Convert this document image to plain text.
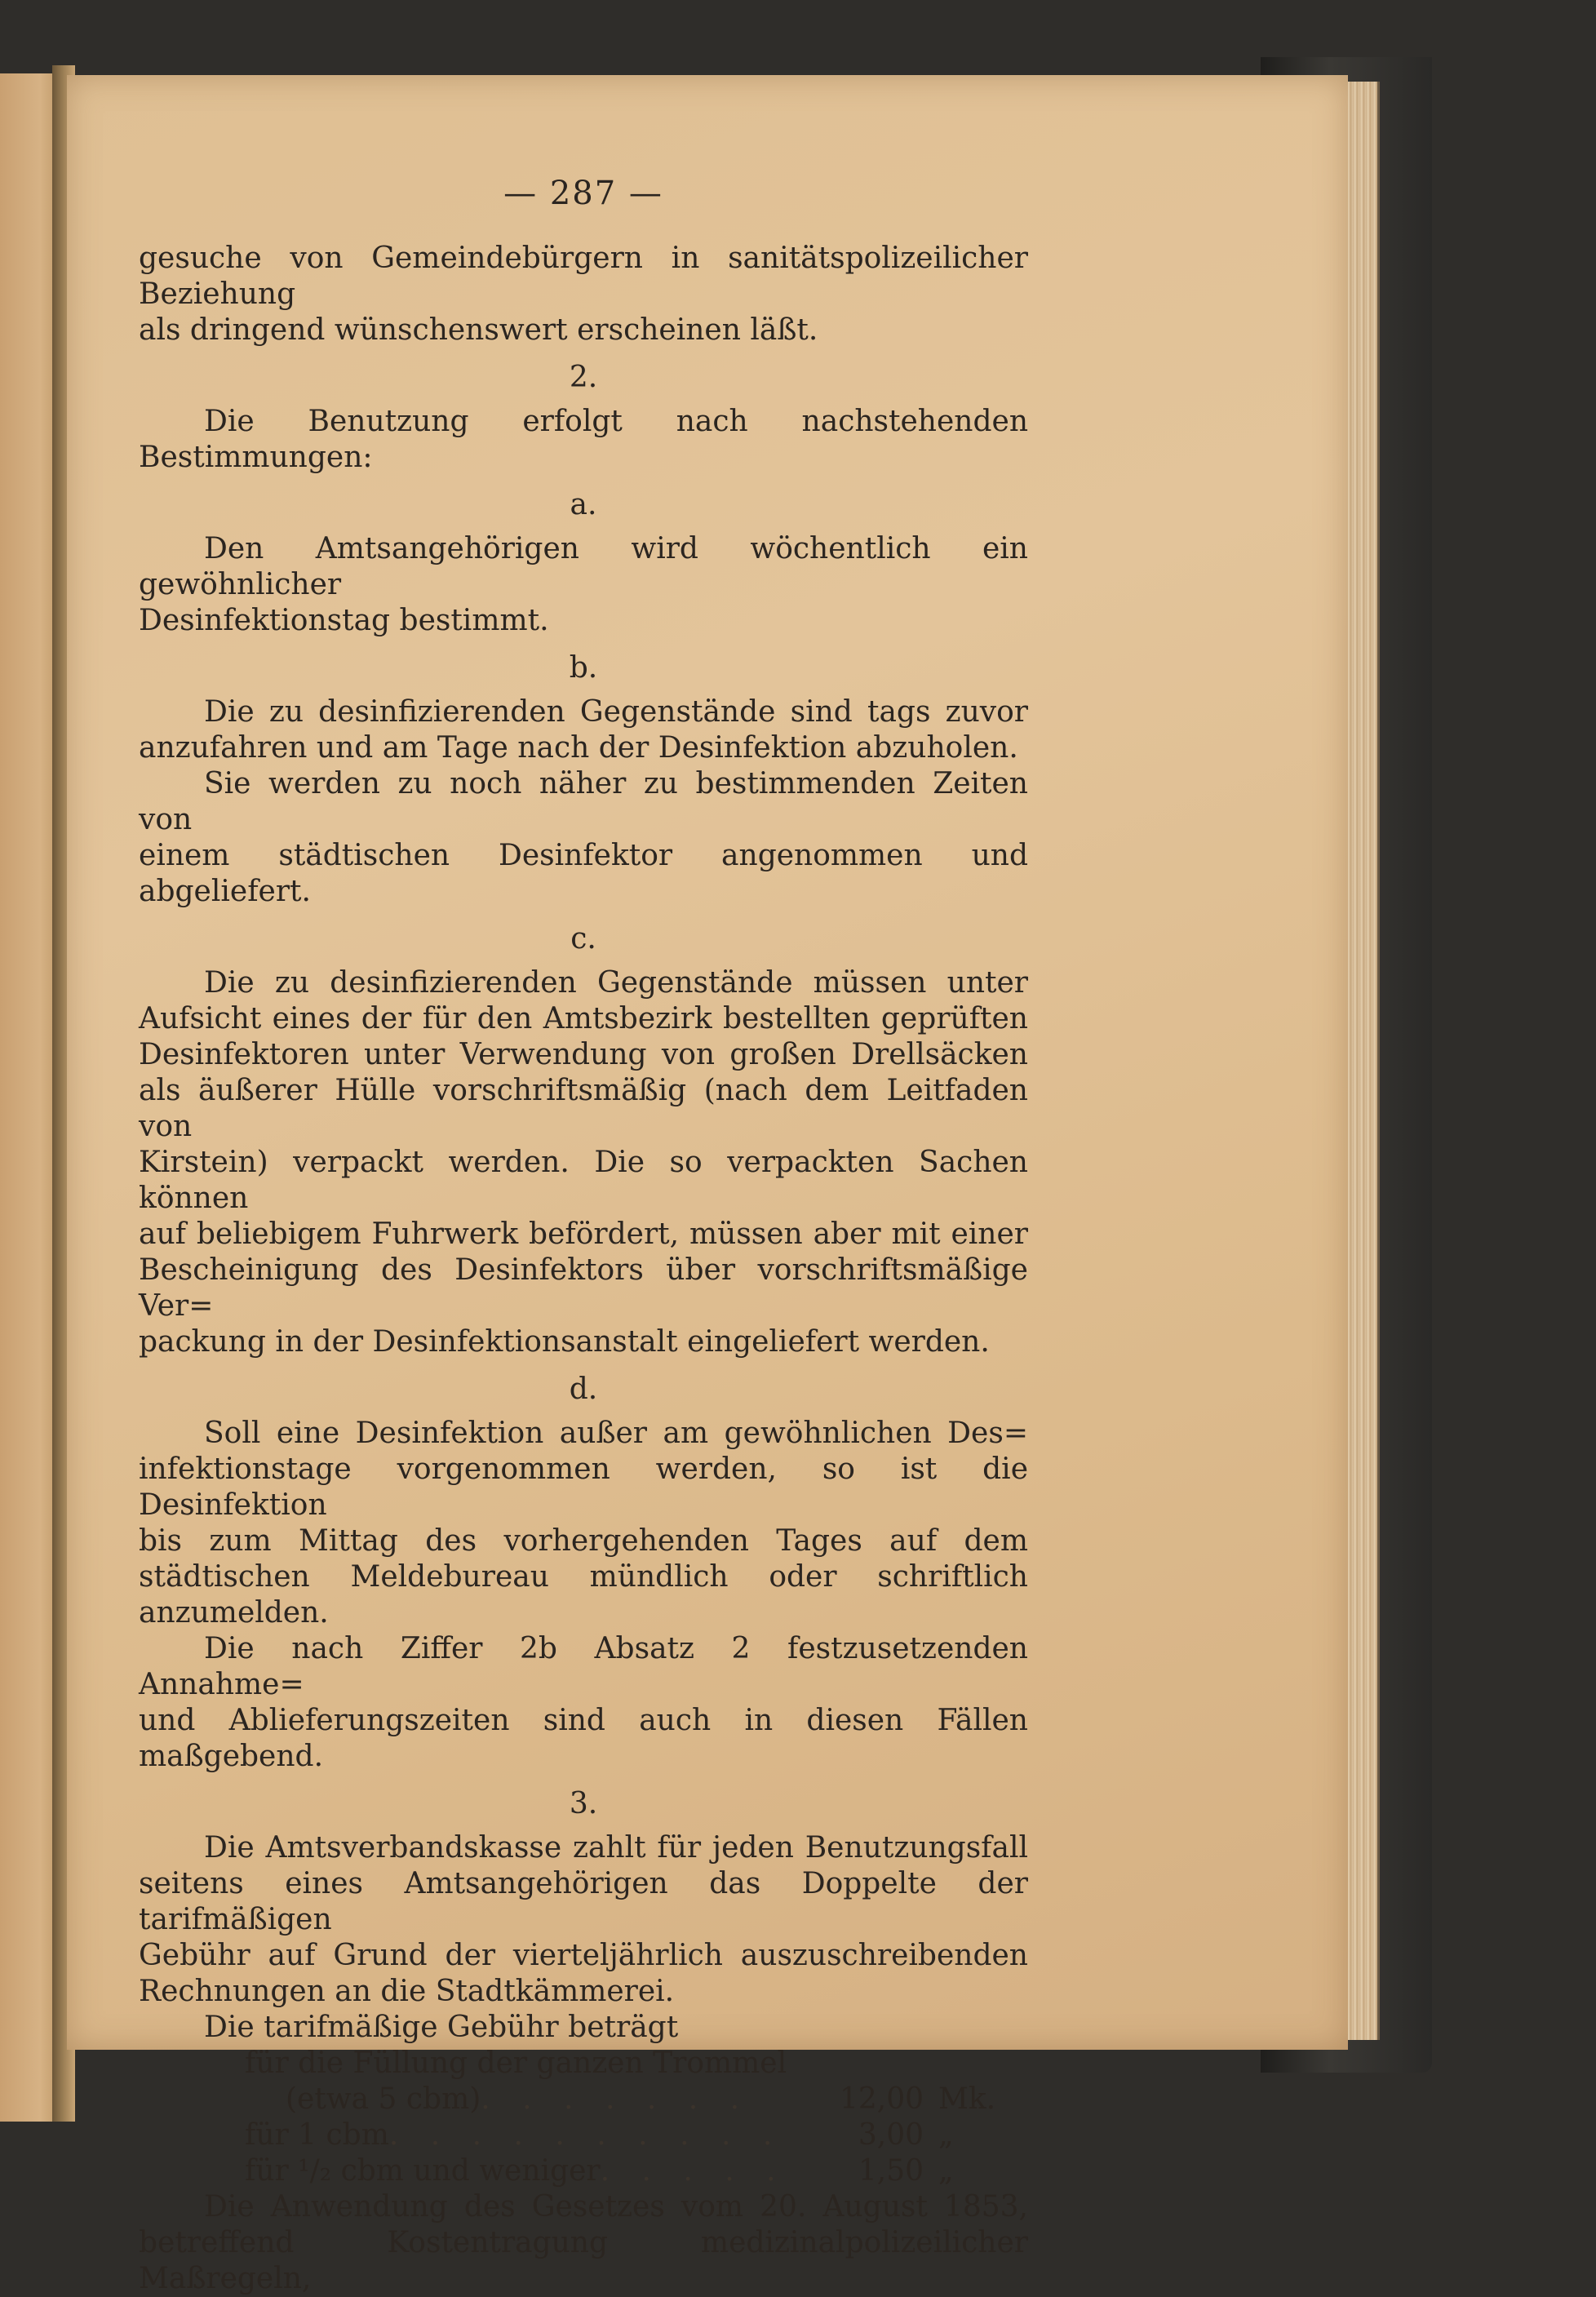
— 287 —
gesuche von Gemeindebürgern in sanitätspolizeilicher Beziehung
als dringend wünschenswert erscheinen läßt.
2.
Die Benutzung erfolgt nach nachstehenden Bestimmungen:
a.
Den Amtsangehörigen wird wöchentlich ein gewöhnlicher
Desinfektionstag bestimmt.
b.
Die zu desinfizierenden Gegenstände sind tags zuvor
anzufahren und am Tage nach der Desinfektion abzuholen.
Sie werden zu noch näher zu bestimmenden Zeiten von
einem städtischen Desinfektor angenommen und abgeliefert.
c.
Die zu desinfizierenden Gegenstände müssen unter
Aufsicht eines der für den Amtsbezirk bestellten geprüften
Desinfektoren unter Verwendung von großen Drellsäcken
als äußerer Hülle vorschriftsmäßig (nach dem Leitfaden von
Kirstein) verpackt werden. Die so verpackten Sachen können
auf beliebigem Fuhrwerk befördert, müssen aber mit einer
Bescheinigung des Desinfektors über vorschriftsmäßige Ver=
packung in der Desinfektionsanstalt eingeliefert werden.
d.
Soll eine Desinfektion außer am gewöhnlichen Des=
infektionstage vorgenommen werden, so ist die Desinfektion
bis zum Mittag des vorhergehenden Tages auf dem
städtischen Meldebureau mündlich oder schriftlich anzumelden.
Die nach Ziffer 2b Absatz 2 festzusetzenden Annahme=
und Ablieferungszeiten sind auch in diesen Fällen maßgebend.
3.
Die Amtsverbandskasse zahlt für jeden Benutzungsfall
seitens eines Amtsangehörigen das Doppelte der tarifmäßigen
Gebühr auf Grund der vierteljährlich auszuschreibenden
Rechnungen an die Stadtkämmerei.
Die tarifmäßige Gebühr beträgt
für die Füllung der ganzen Trommel
(etwa 5 cbm) . . . . . . .	12,00 Mk.
für 1 cbm . . . . . . . . . .	3,00 „
für ¹/₂ cbm und weniger . . . . .	1,50 „
Die Anwendung des Gesetzes vom 20. August 1853,
betreffend Kostentragung medizinalpolizeilicher Maßregeln,
